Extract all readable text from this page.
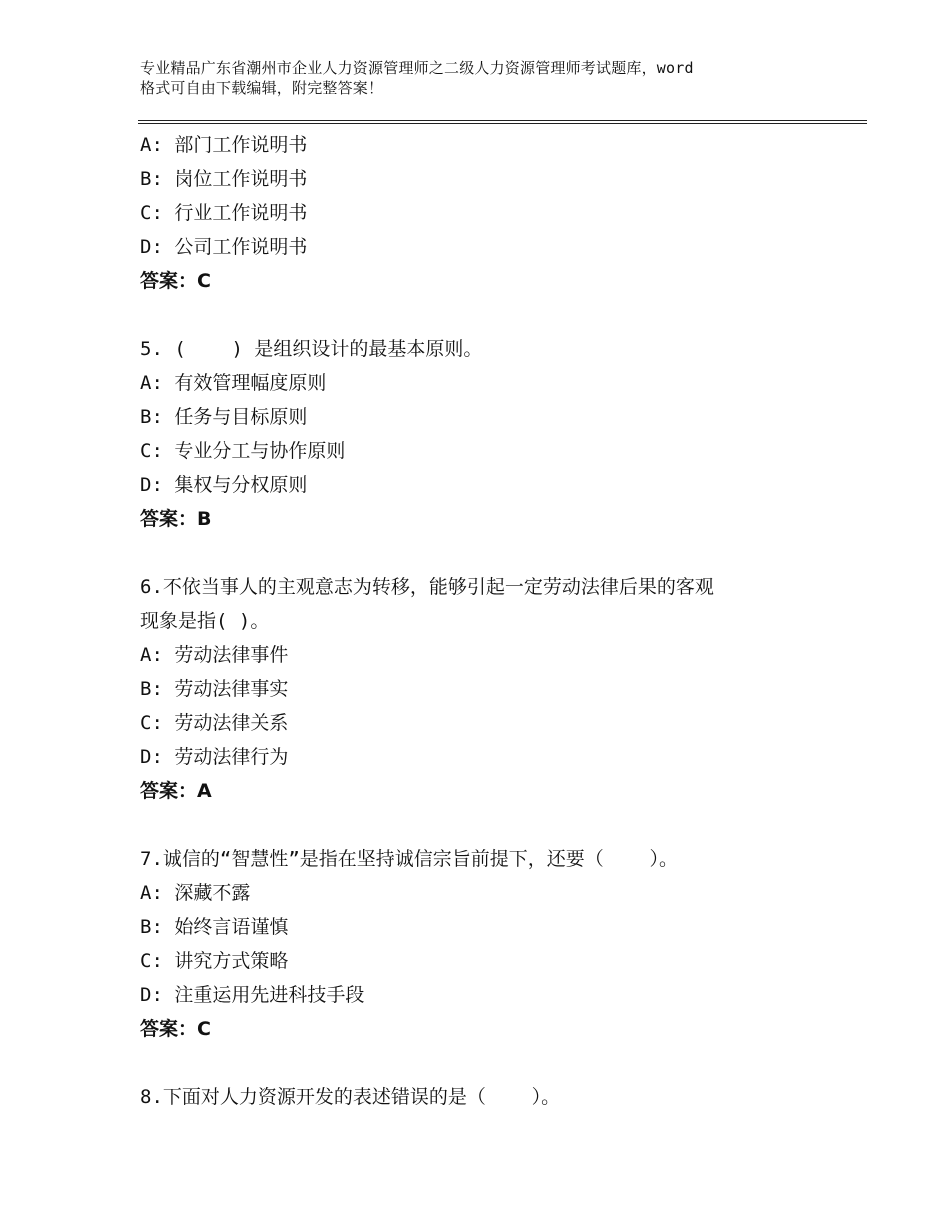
专业精品广东省潮州市企业人力资源管理师之二级人力资源管理师考试题库，word
格式可自由下载编辑，附完整答案！
A: 部门工作说明书
B: 岗位工作说明书
C: 行业工作说明书
D: 公司工作说明书
答案：C
5. (    ) 是组织设计的最基本原则。
A: 有效管理幅度原则
B: 任务与目标原则
C: 专业分工与协作原则
D: 集权与分权原则
答案：B
6.不依当事人的主观意志为转移，能够引起一定劳动法律后果的客观
现象是指( )。
A: 劳动法律事件
B: 劳动法律事实
C: 劳动法律关系
D: 劳动法律行为
答案：A
7.诚信的“智慧性”是指在坚持诚信宗旨前提下，还要（    ）。
A: 深藏不露
B: 始终言语谨慎
C: 讲究方式策略
D: 注重运用先进科技手段
答案：C
8.下面对人力资源开发的表述错误的是（    ）。
